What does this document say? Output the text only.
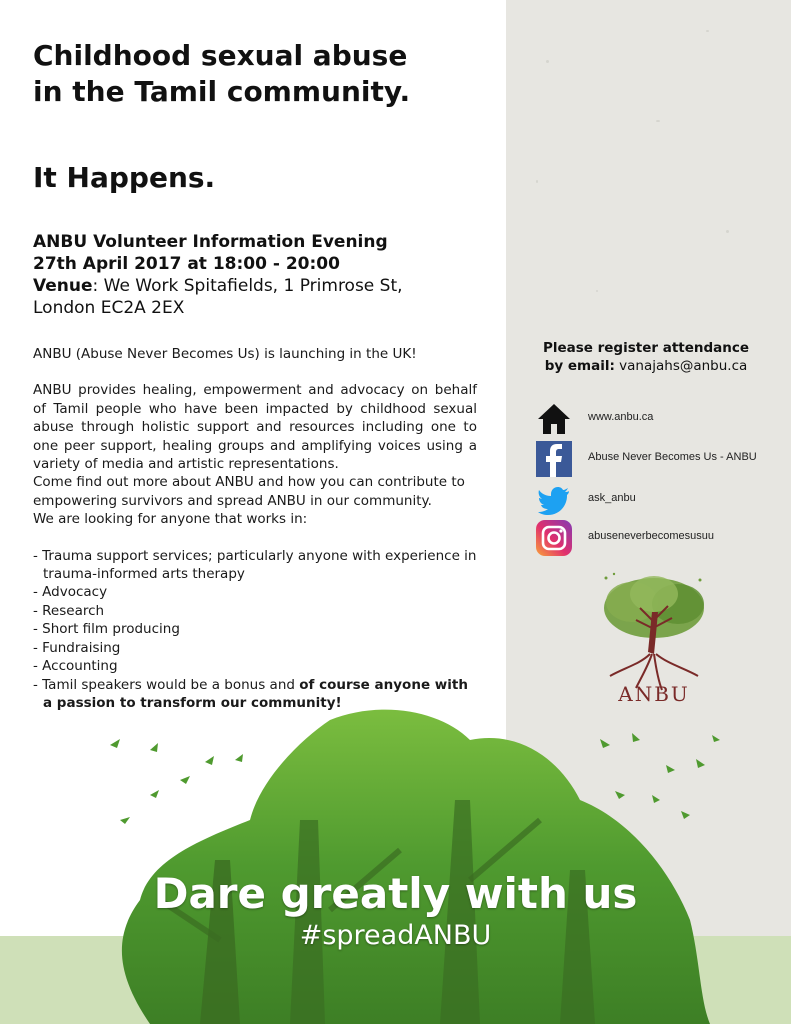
Childhood sexual abuse
in the Tamil community.
It Happens.
ANBU Volunteer Information Evening
27th April 2017 at 18:00 - 20:00
Venue: We Work Spitafields, 1 Primrose St,
London EC2A 2EX

ANBU (Abuse Never Becomes Us) is launching in the UK!

ANBU provides healing, empowerment and advocacy on behalf of Tamil people who have been impacted by childhood sexual abuse through holistic support and resources including one to one peer support, healing groups and amplifying voices using a variety of media and artistic representations.

Come find out more about ANBU and how you can contribute to

empowering survivors and spread ANBU in our community.

We are looking for anyone that works in:

- Trauma support services; particularly anyone with experience in trauma-informed arts therapy
- Advocacy
- Research
- Short film producing
- Fundraising
- Accounting
- Tamil speakers would be a bonus and of course anyone with a passion to transform our community!
Please register attendance
by email: vanajahs@anbu.ca
www.anbu.ca
Abuse Never Becomes Us - ANBU
ask_anbu
abuseneverbecomesusuu
ANBU
Dare greatly with us
#spreadANBU
